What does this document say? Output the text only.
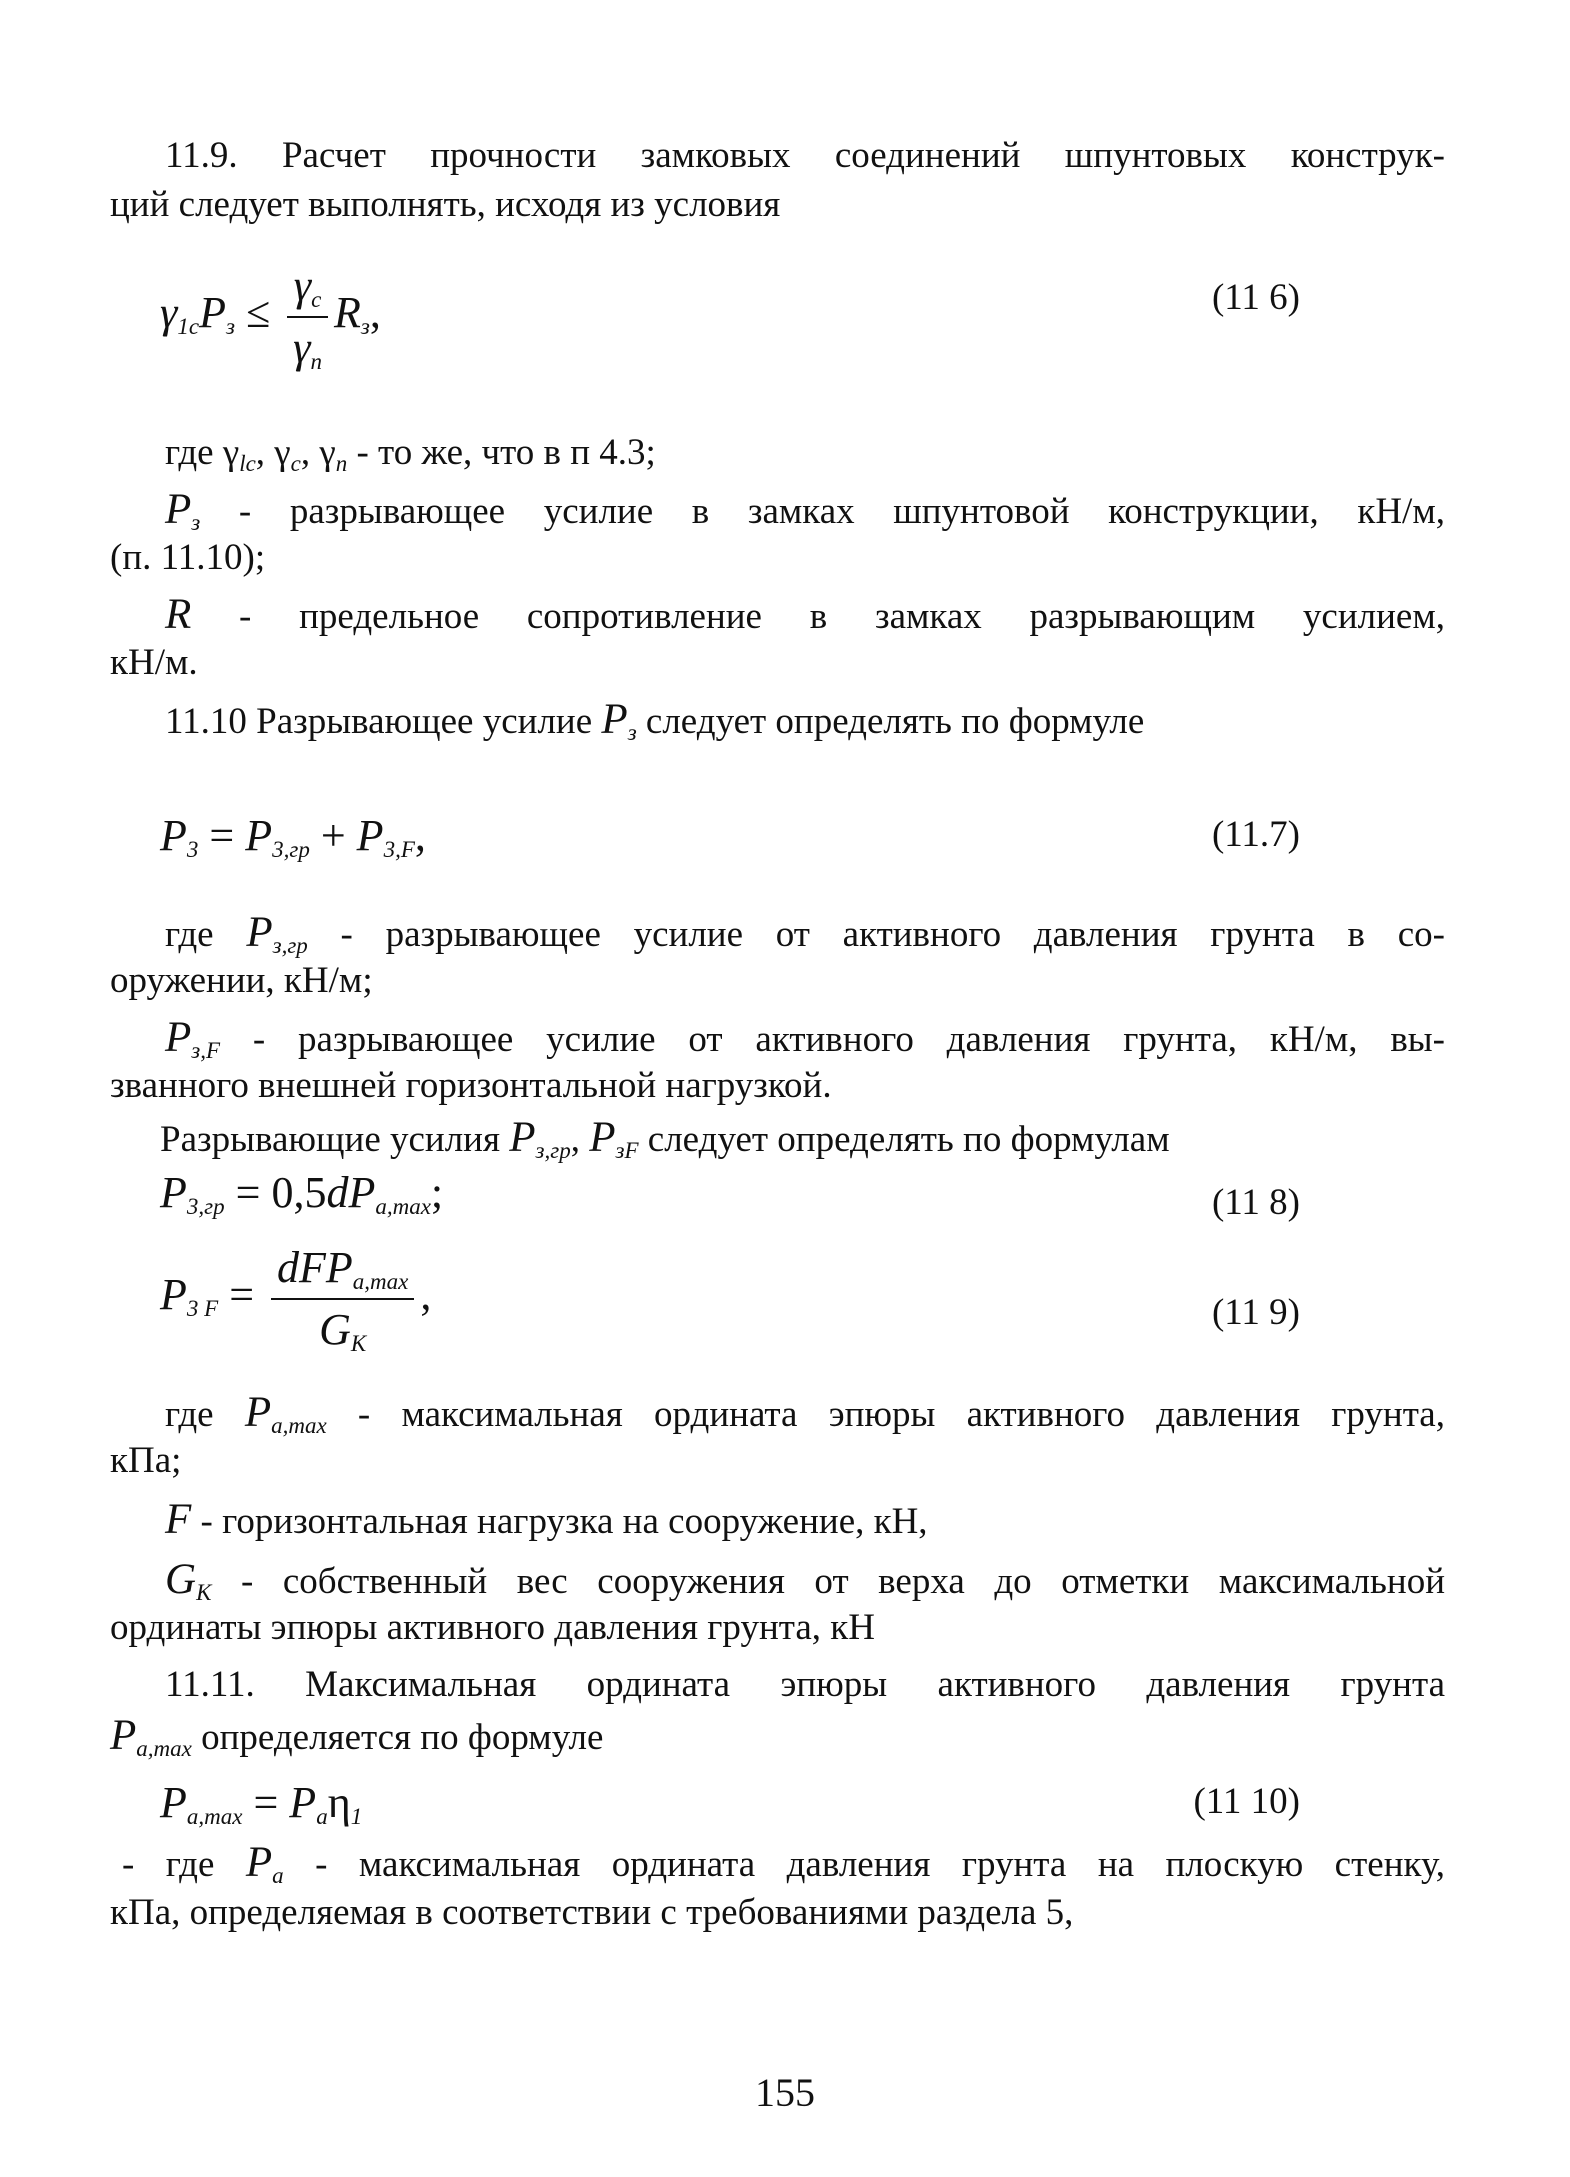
11.9. Расчет прочности замковых соединений шпунтовых конструк-
ций следует выполнять, исходя из условия
$\gamma_{1c}P_з \le \frac{\gamma_c}{\gamma_n} R_з$,	(11 6)
где $\gamma_{lc}$, $\gamma_c$, $\gamma_n$ - то же, что в п 4.3;
$P_з$ - разрывающее усилие в замках шпунтовой конструкции, кН/м,
(п. 11.10);
R - предельное сопротивление в замках разрывающим усилием,
кН/м.
11.10 Разрывающее усилие $P_з$ следует определять по формуле
$P_3 = P_{3,гр} + P_{3,F}$,	(11.7)
где $P_{з,гр}$ - разрывающее усилие от активного давления грунта в со-
оружении, кН/м;
$P_{з,F}$ - разрывающее усилие от активного давления грунта, кН/м, вы-
званного внешней горизонтальной нагрузкой.
Разрывающие усилия $P_{з,гр}$, $P_{зF}$ следует определять по формулам
$P_{3,гр} = 0,5dP_{a,max}$;	(11 8)
$P_{3 F} = \frac{dFP_{a,max}}{G_K}$ ,	(11 9)
где $P_{a,max}$ - максимальная ордината эпюры активного давления грунта,
кПа;
F - горизонтальная нагрузка на сооружение, кН,
$G_K$ - собственный вес сооружения от верха до отметки максимальной
ординаты эпюры активного давления грунта, кН
11.11. Максимальная ордината эпюры активного давления грунта
$P_{a,max}$ определяется по формуле
$P_{a,max} = P_a\eta_1$	(11 10)
- где $P_a$ - максимальная ордината давления грунта на плоскую стенку,
кПа, определяемая в соответствии с требованиями раздела 5,
155
